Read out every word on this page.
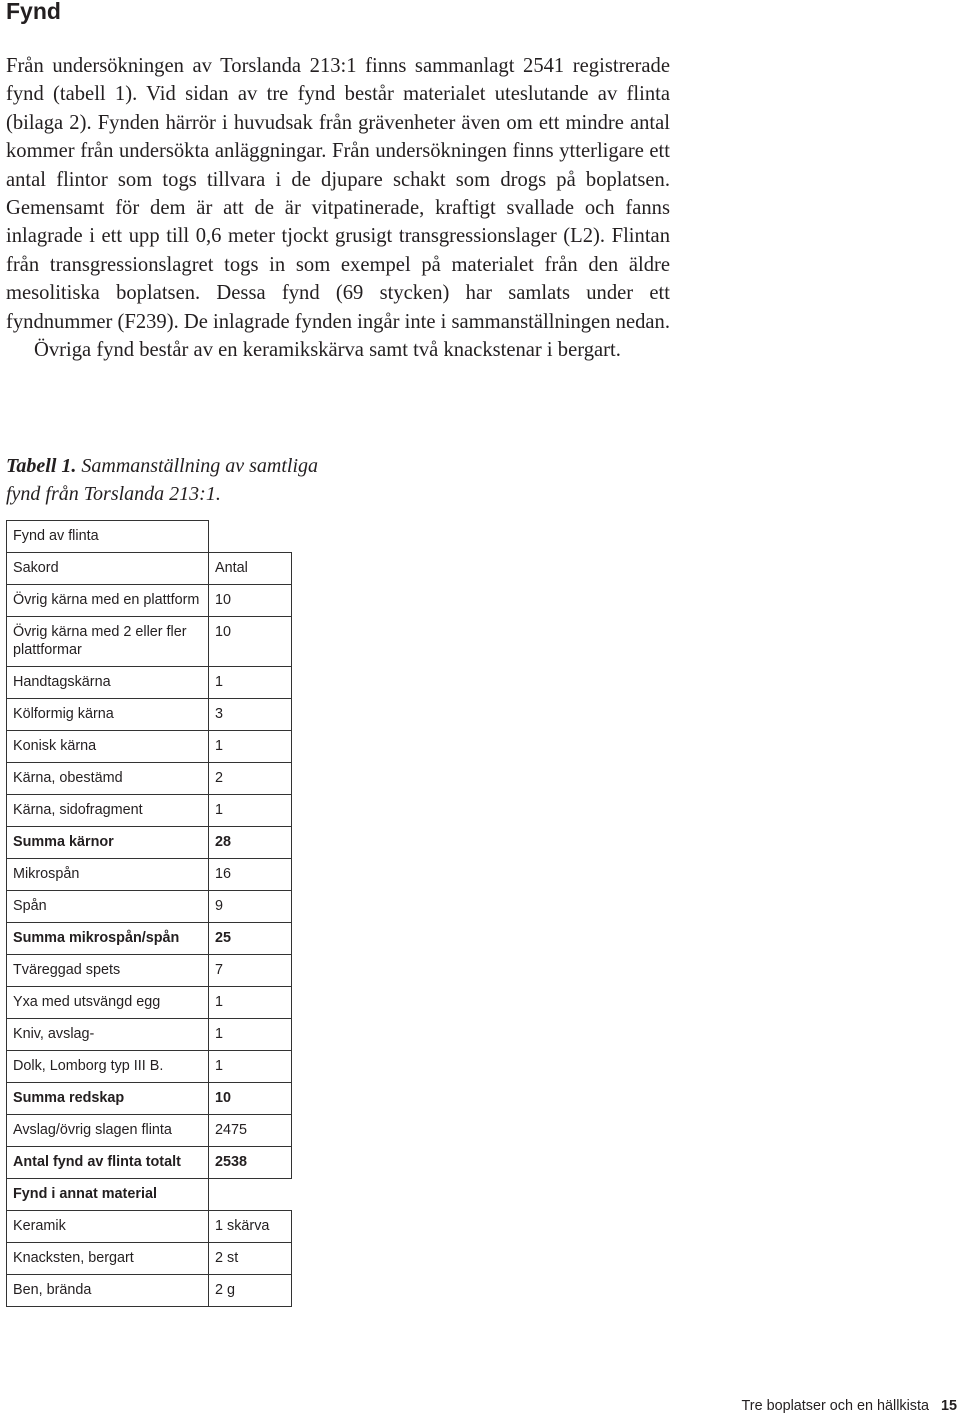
Fynd

Från undersökningen av Torslanda 213:1 finns sammanlagt 2541 registrerade fynd (tabell 1). Vid sidan av tre fynd består materialet uteslutande av flinta (bilaga 2). Fynden härrör i huvudsak från grävenheter även om ett mindre antal kommer från undersökta anläggningar. Från undersökningen finns ytterligare ett antal flintor som togs tillvara i de djupare schakt som drogs på boplatsen. Gemensamt för dem är att de är vitpatinerade, kraftigt svallade och fanns inlagrade i ett upp till 0,6 meter tjockt grusigt transgressionslager (L2). Flintan från transgressionslagret togs in som exempel på materialet från den äldre mesolitiska boplatsen. Dessa fynd (69 stycken) har samlats under ett fyndnummer (F239). De inlagrade fynden ingår inte i sammanställningen nedan.

Övriga fynd består av en keramikskärva samt två knackstenar i bergart.

Tabell 1. Sammanställning av samtliga fynd från Torslanda 213:1.
Fynd av flinta	
Sakord	Antal
Övrig kärna med en plattform	10
Övrig kärna med 2 eller fler plattformar	10
Handtagskärna	1
Kölformig kärna	3
Konisk kärna	1
Kärna, obestämd	2
Kärna, sidofragment	1
Summa kärnor	28
Mikrospån	16
Spån	9
Summa mikrospån/spån	25
Tväreggad spets	7
Yxa med utsvängd egg	1
Kniv, avslag-	1
Dolk, Lomborg typ III B.	1
Summa redskap	10
Avslag/övrig slagen flinta	2475
Antal fynd av flinta totalt	2538
Fynd i annat material	
Keramik	1 skärva
Knacksten, bergart	2 st
Ben, brända	2 g
Tre boplatser och en hällkista 15
